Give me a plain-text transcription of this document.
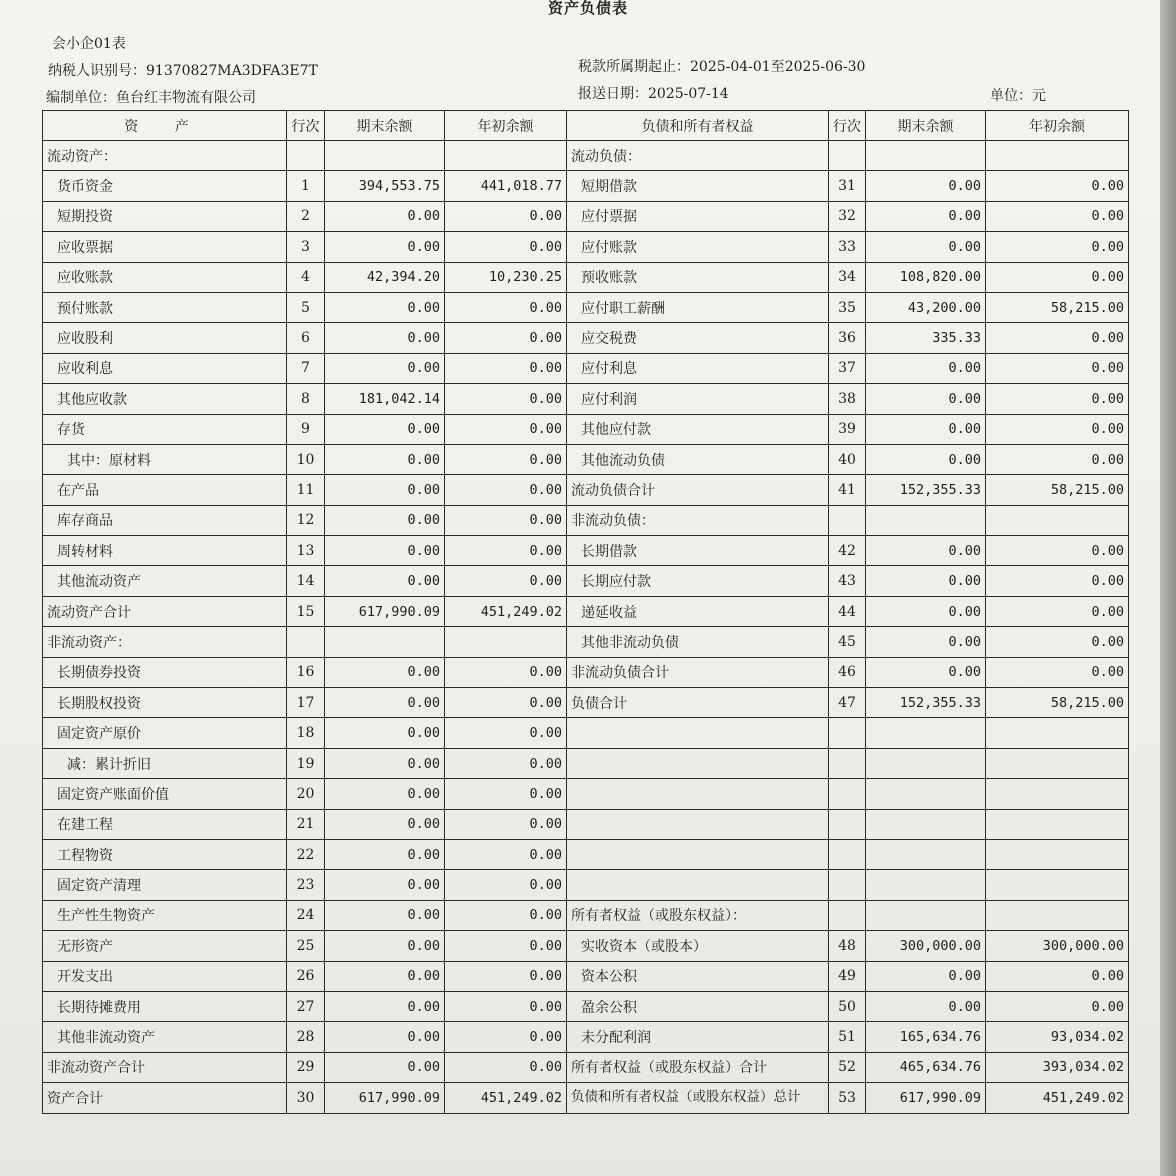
资产负债表
会小企01表
纳税人识别号：91370827MA3DFA3E7T	税款所属期起止：2025-04-01至2025-06-30
编制单位：鱼台红丰物流有限公司	报送日期：2025-07-14	单位：元
资 产	行次	期末余额	年初余额	负债和所有者权益	行次	期末余额	年初余额
流动资产：				流动负债：			
货币资金	1	394,553.75	441,018.77	短期借款	31	0.00	0.00
短期投资	2	0.00	0.00	应付票据	32	0.00	0.00
应收票据	3	0.00	0.00	应付账款	33	0.00	0.00
应收账款	4	42,394.20	10,230.25	预收账款	34	108,820.00	0.00
预付账款	5	0.00	0.00	应付职工薪酬	35	43,200.00	58,215.00
应收股利	6	0.00	0.00	应交税费	36	335.33	0.00
应收利息	7	0.00	0.00	应付利息	37	0.00	0.00
其他应收款	8	181,042.14	0.00	应付利润	38	0.00	0.00
存货	9	0.00	0.00	其他应付款	39	0.00	0.00
其中：原材料	10	0.00	0.00	其他流动负债	40	0.00	0.00
在产品	11	0.00	0.00	流动负债合计	41	152,355.33	58,215.00
库存商品	12	0.00	0.00	非流动负债：			
周转材料	13	0.00	0.00	长期借款	42	0.00	0.00
其他流动资产	14	0.00	0.00	长期应付款	43	0.00	0.00
流动资产合计	15	617,990.09	451,249.02	递延收益	44	0.00	0.00
非流动资产：				其他非流动负债	45	0.00	0.00
长期债券投资	16	0.00	0.00	非流动负债合计	46	0.00	0.00
长期股权投资	17	0.00	0.00	负债合计	47	152,355.33	58,215.00
固定资产原价	18	0.00	0.00				
减：累计折旧	19	0.00	0.00				
固定资产账面价值	20	0.00	0.00				
在建工程	21	0.00	0.00				
工程物资	22	0.00	0.00				
固定资产清理	23	0.00	0.00				
生产性生物资产	24	0.00	0.00	所有者权益（或股东权益）：			
无形资产	25	0.00	0.00	实收资本（或股本）	48	300,000.00	300,000.00
开发支出	26	0.00	0.00	资本公积	49	0.00	0.00
长期待摊费用	27	0.00	0.00	盈余公积	50	0.00	0.00
其他非流动资产	28	0.00	0.00	未分配利润	51	165,634.76	93,034.02
非流动资产合计	29	0.00	0.00	所有者权益（或股东权益）合计	52	465,634.76	393,034.02
资产合计	30	617,990.09	451,249.02	负债和所有者权益（或股东权益）总计	53	617,990.09	451,249.02
